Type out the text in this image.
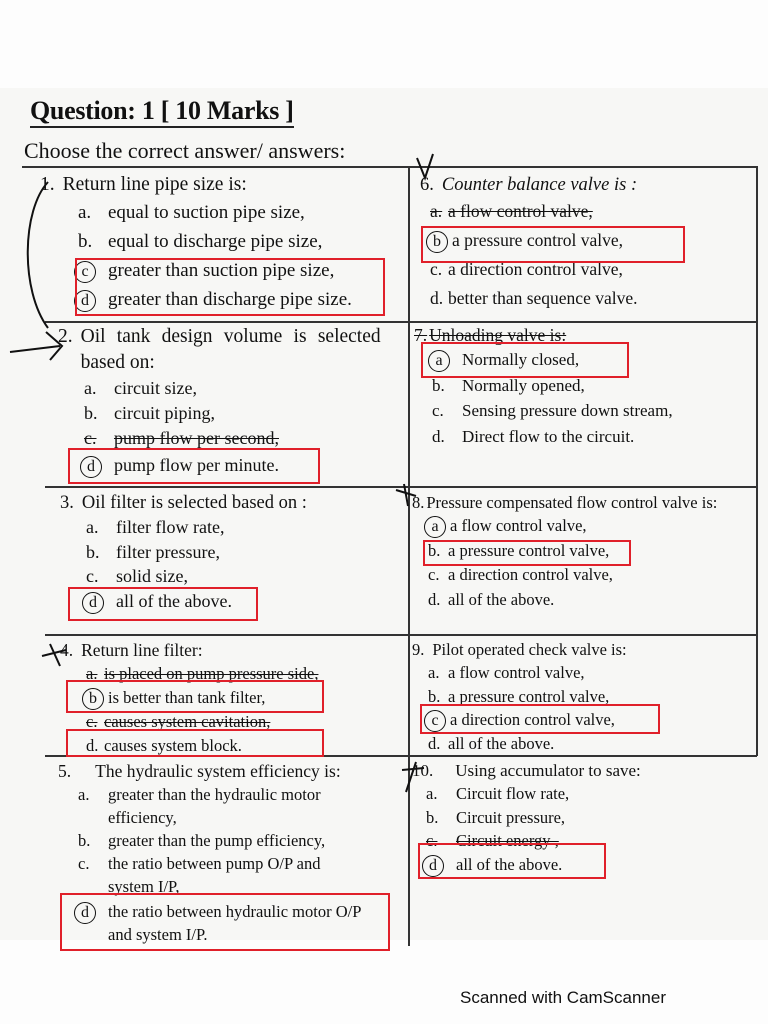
Question: 1 [ 10 Marks ]
Choose the correct answer/ answers:
1. Return line pipe size is:
a. equal to suction pipe size,
b. equal to discharge pipe size,
c	greater than suction pipe size,
d	greater than discharge pipe size.
2. Oil tank design volume is selected based on:
a. circuit size,
b. circuit piping,
c. pump flow per second,
d	pump flow per minute.
3. Oil filter is selected based on :
a. filter flow rate,
b. filter pressure,
c. solid size,
d	all of the above.
4. Return line filter:
a. is placed on pump pressure side,
b is better than tank filter,
c. causes system cavitation,
d. causes system block.
5. The hydraulic system efficiency is:
a.	greater than the hydraulic motor efficiency,
b.	greater than the pump efficiency,
c.	the ratio between pump O/P and system I/P,
d	the ratio between hydraulic motor O/P and system I/P.
6. Counter balance valve is :
a. a flow control valve,
b a pressure control valve,
c. a direction control valve,
d. better than sequence valve.
7. Unloading valve is:
a	Normally closed,
b.	Normally opened,
c.	Sensing pressure down stream,
d.	Direct flow to the circuit.
8. Pressure compensated flow control valve is:
a a flow control valve,
b. a pressure control valve,
c. a direction control valve,
d. all of the above.
9. Pilot operated check valve is:
a. a flow control valve,
b. a pressure control valve,
c a direction control valve,
d. all of the above.
10. Using accumulator to save:
a.	Circuit flow rate,
b.	Circuit pressure,
c.	Circuit energy ,
d	all of the above.
Scanned with CamScanner
